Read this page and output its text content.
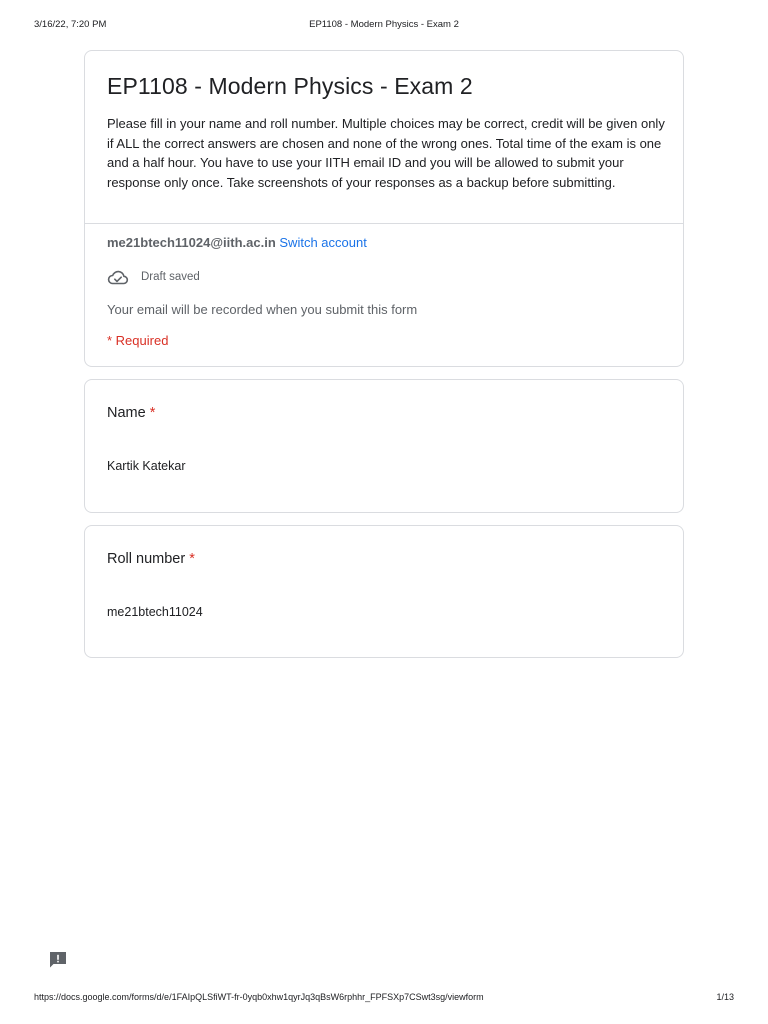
3/16/22, 7:20 PM	EP1108 - Modern Physics - Exam 2
EP1108 - Modern Physics - Exam 2
Please fill in your name and roll number. Multiple choices may be correct, credit will be given only if ALL the correct answers are chosen and none of the wrong ones. Total time of the exam is one and a half hour. You have to use your IITH email ID and you will be allowed to submit your response only once. Take screenshots of your responses as a backup before submitting.
me21btech11024@iith.ac.in Switch account
Draft saved
Your email will be recorded when you submit this form
* Required
Name *
Kartik Katekar
Roll number *
me21btech11024
https://docs.google.com/forms/d/e/1FAIpQLSfiWT-fr-0yqb0xhw1qyrJq3qBsW6rphhr_FPFSXp7CSwt3sg/viewform	1/13
